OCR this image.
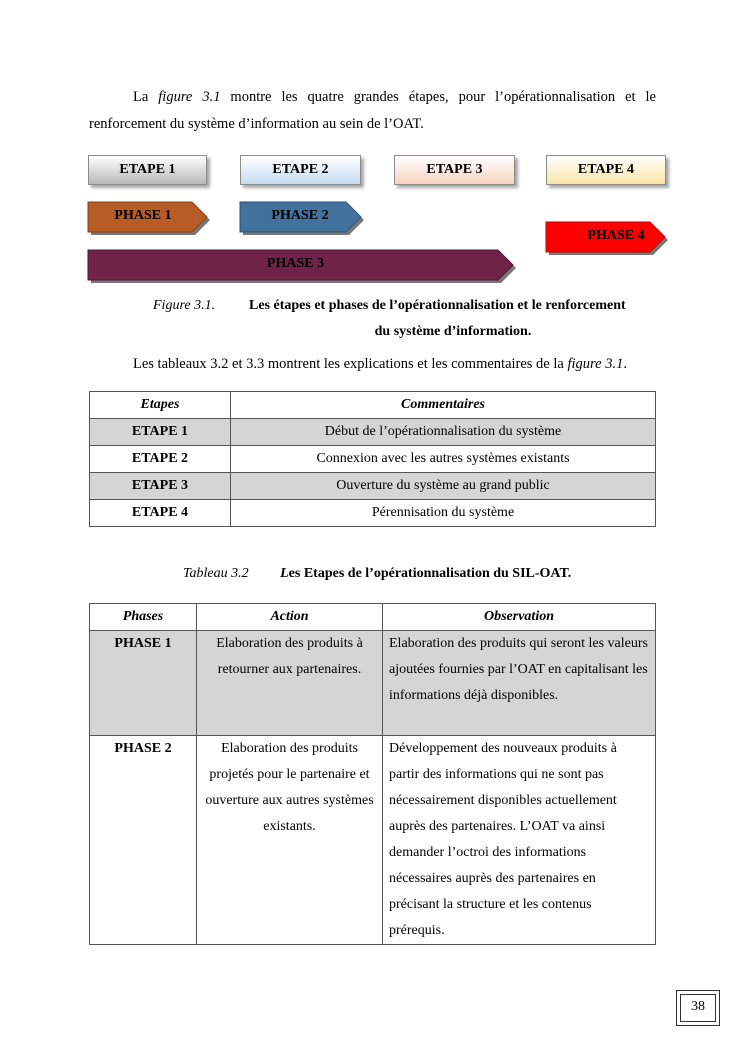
La figure 3.1 montre les quatre grandes étapes, pour l’opérationnalisation et le renforcement du système d’information au sein de l’OAT.
ETAPE 1	ETAPE 2	ETAPE 3	ETAPE 4
PHASE 1	PHASE 2
PHASE 3
PHASE 4
Figure 3.1. Les étapes et phases de l’opérationnalisation et le renforcement
du système d’information.
Les tableaux 3.2 et 3.3 montrent les explications et les commentaires de la figure 3.1.
Etapes	Commentaires
ETAPE 1	Début de l’opérationnalisation du système
ETAPE 2	Connexion avec les autres systèmes existants
ETAPE 3	Ouverture du système au grand public
ETAPE 4	Pérennisation du système
Tableau 3.2 Les Etapes de l’opérationnalisation du SIL-OAT.
Phases	Action	Observation
PHASE 1	Elaboration des produits à retourner aux partenaires.	Elaboration des produits qui seront les valeurs ajoutées fournies par l’OAT en capitalisant les informations déjà disponibles.
PHASE 2	Elaboration des produits projetés pour le partenaire et ouverture aux autres systèmes existants.	Développement des nouveaux produits à partir des informations qui ne sont pas nécessairement disponibles actuellement auprès des partenaires. L’OAT va ainsi demander l’octroi des informations nécessaires auprès des partenaires en précisant la structure et les contenus prérequis.
38
